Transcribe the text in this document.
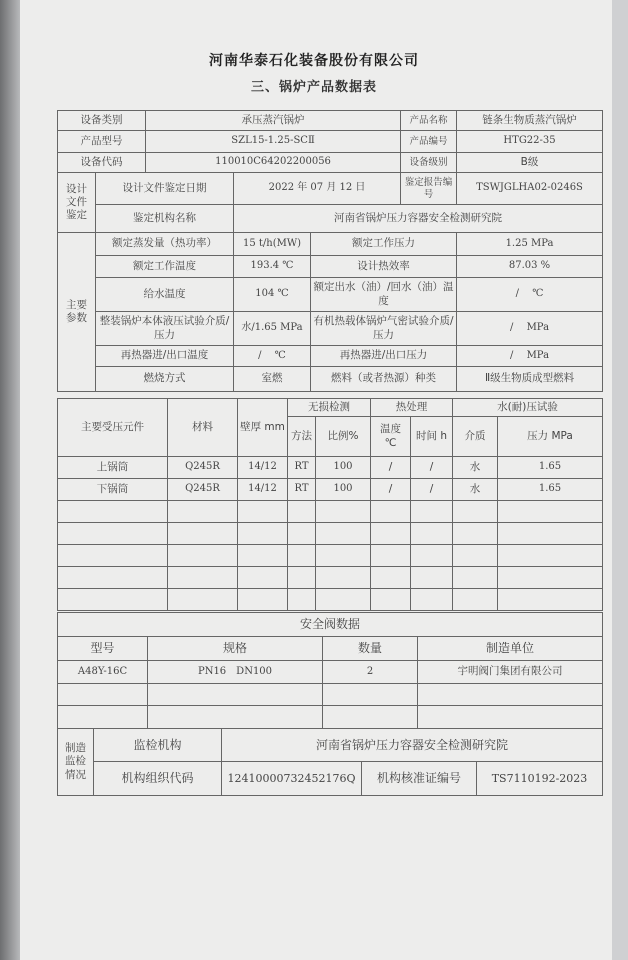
河南华泰石化装备股份有限公司
三、锅炉产品数据表
设备类别		承压蒸汽锅炉			产品名称	链条生物质蒸汽锅炉
产品型号		SZL15-1.25-SCⅡ			产品编号	HTG22-35
设备代码		110010C64202200056			设备级别	B级
设计文件鉴定	设计文件鉴定日期		2022 年 07 月 12 日		鉴定报告编号	TSWJGLHA02-0246S
	鉴定机构名称		河南省锅炉压力容器安全检测研究院			
主要参数	额定蒸发量（热功率）		15 t/h(MW)	额定工作压力		1.25 MPa
	额定工作温度		193.4 ℃	设计热效率		87.03 %
	给水温度		104 ℃	额定出水（油）/回水（油）温度		/　 ℃
	整装锅炉本体液压试验介质/压力		水/1.65 MPa	有机热载体锅炉气密试验介质/压力		/　 MPa
	再热器进/出口温度		/　 ℃	再热器进/出口压力		/　 MPa
	燃烧方式		室燃	燃料（或者热源）种类		Ⅱ级生物质成型燃料
主要受压元件	材料	壁厚 mm	无损检测		热处理		水(耐)压试验	
			方法	比例%	温度 ℃	时间 h	介质	压力 MPa
上锅筒	Q245R	14/12	RT	100	/	/	水	1.65
下锅筒	Q245R	14/12	RT	100	/	/	水	1.65

安全阀数据			
型号	规格	数量	制造单位
A48Y-16C	PN16　DN100	2	宇明阀门集团有限公司

制造监检情况	监检机构	河南省锅炉压力容器安全检测研究院		
	机构组织代码	12410000732452176Q	机构核准证编号	TS7110192-2023
